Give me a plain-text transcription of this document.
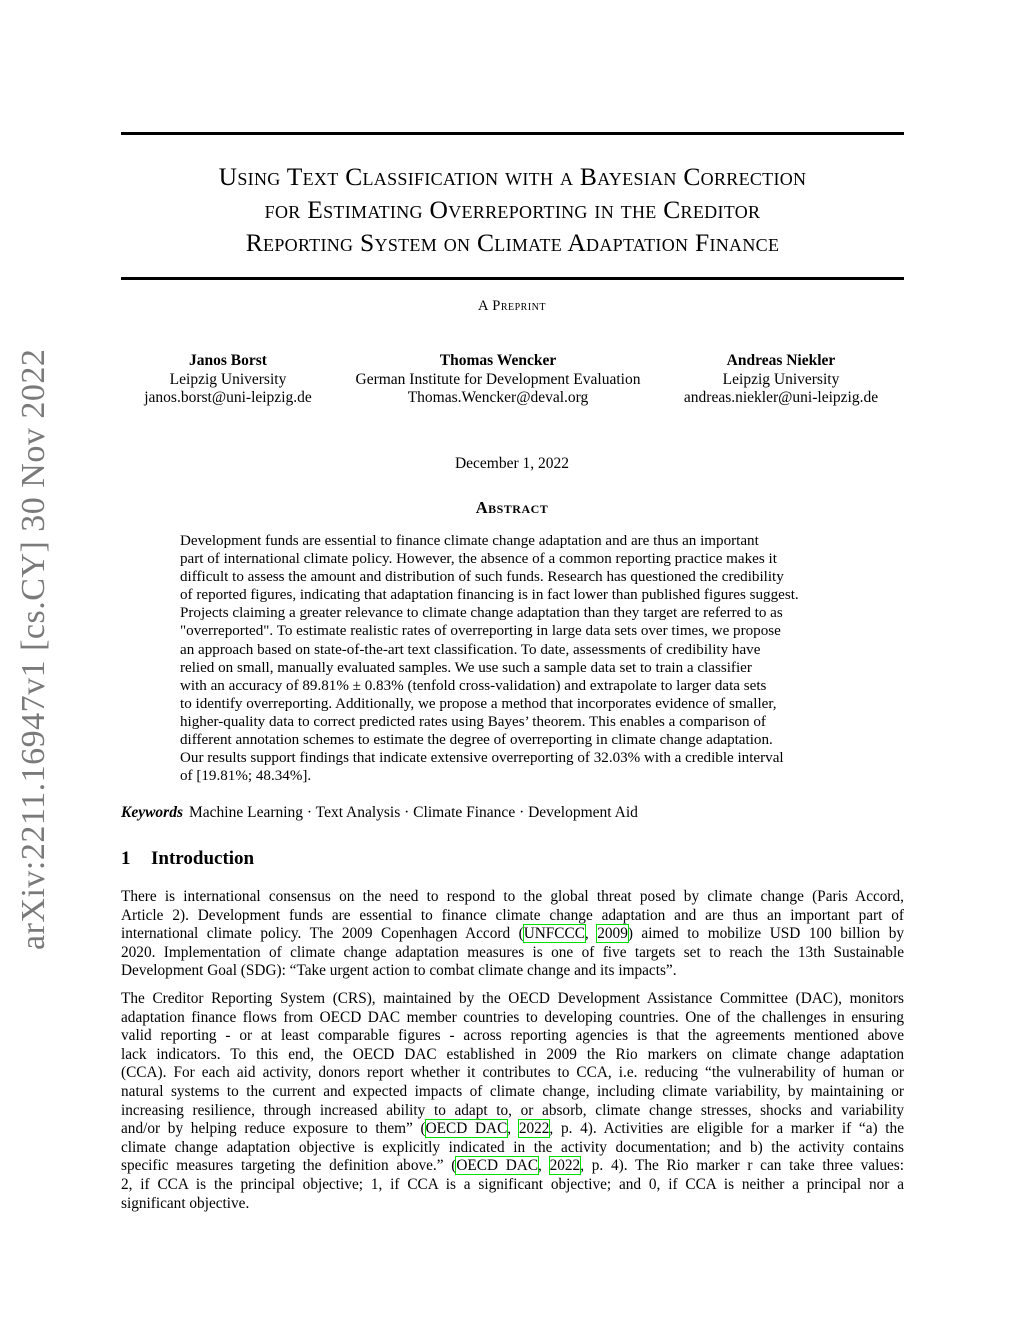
Using Text Classification with a Bayesian Correction
for Estimating Overreporting in the Creditor
Reporting System on Climate Adaptation Finance
A Preprint
Janos Borst
Leipzig University
janos.borst@uni-leipzig.de
Thomas Wencker
German Institute for Development Evaluation
Thomas.Wencker@deval.org
Andreas Niekler
Leipzig University
andreas.niekler@uni-leipzig.de
December 1, 2022
Abstract
Development funds are essential to finance climate change adaptation and are thus an important
part of international climate policy. However, the absence of a common reporting practice makes it
difficult to assess the amount and distribution of such funds. Research has questioned the credibility
of reported figures, indicating that adaptation financing is in fact lower than published figures suggest.
Projects claiming a greater relevance to climate change adaptation than they target are referred to as
"overreported". To estimate realistic rates of overreporting in large data sets over times, we propose
an approach based on state-of-the-art text classification. To date, assessments of credibility have
relied on small, manually evaluated samples. We use such a sample data set to train a classifier
with an accuracy of 89.81% ± 0.83% (tenfold cross-validation) and extrapolate to larger data sets
to identify overreporting. Additionally, we propose a method that incorporates evidence of smaller,
higher-quality data to correct predicted rates using Bayes’ theorem. This enables a comparison of
different annotation schemes to estimate the degree of overreporting in climate change adaptation.
Our results support findings that indicate extensive overreporting of 32.03% with a credible interval
of [19.81%; 48.34%].
Keywords Machine Learning · Text Analysis · Climate Finance · Development Aid
1 Introduction
There is international consensus on the need to respond to the global threat posed by climate change (Paris Accord,
Article 2). Development funds are essential to finance climate change adaptation and are thus an important part of
international climate policy. The 2009 Copenhagen Accord (UNFCCC, 2009) aimed to mobilize USD 100 billion by
2020. Implementation of climate change adaptation measures is one of five targets set to reach the 13th Sustainable
Development Goal (SDG): “Take urgent action to combat climate change and its impacts”.
The Creditor Reporting System (CRS), maintained by the OECD Development Assistance Committee (DAC), monitors
adaptation finance flows from OECD DAC member countries to developing countries. One of the challenges in ensuring
valid reporting - or at least comparable figures - across reporting agencies is that the agreements mentioned above
lack indicators. To this end, the OECD DAC established in 2009 the Rio markers on climate change adaptation
(CCA). For each aid activity, donors report whether it contributes to CCA, i.e. reducing “the vulnerability of human or
natural systems to the current and expected impacts of climate change, including climate variability, by maintaining or
increasing resilience, through increased ability to adapt to, or absorb, climate change stresses, shocks and variability
and/or by helping reduce exposure to them” (OECD DAC, 2022, p. 4). Activities are eligible for a marker if “a) the
climate change adaptation objective is explicitly indicated in the activity documentation; and b) the activity contains
specific measures targeting the definition above.” (OECD DAC, 2022, p. 4). The Rio marker r can take three values:
2, if CCA is the principal objective; 1, if CCA is a significant objective; and 0, if CCA is neither a principal nor a
significant objective.
arXiv:2211.16947v1 [cs.CY] 30 Nov 2022
